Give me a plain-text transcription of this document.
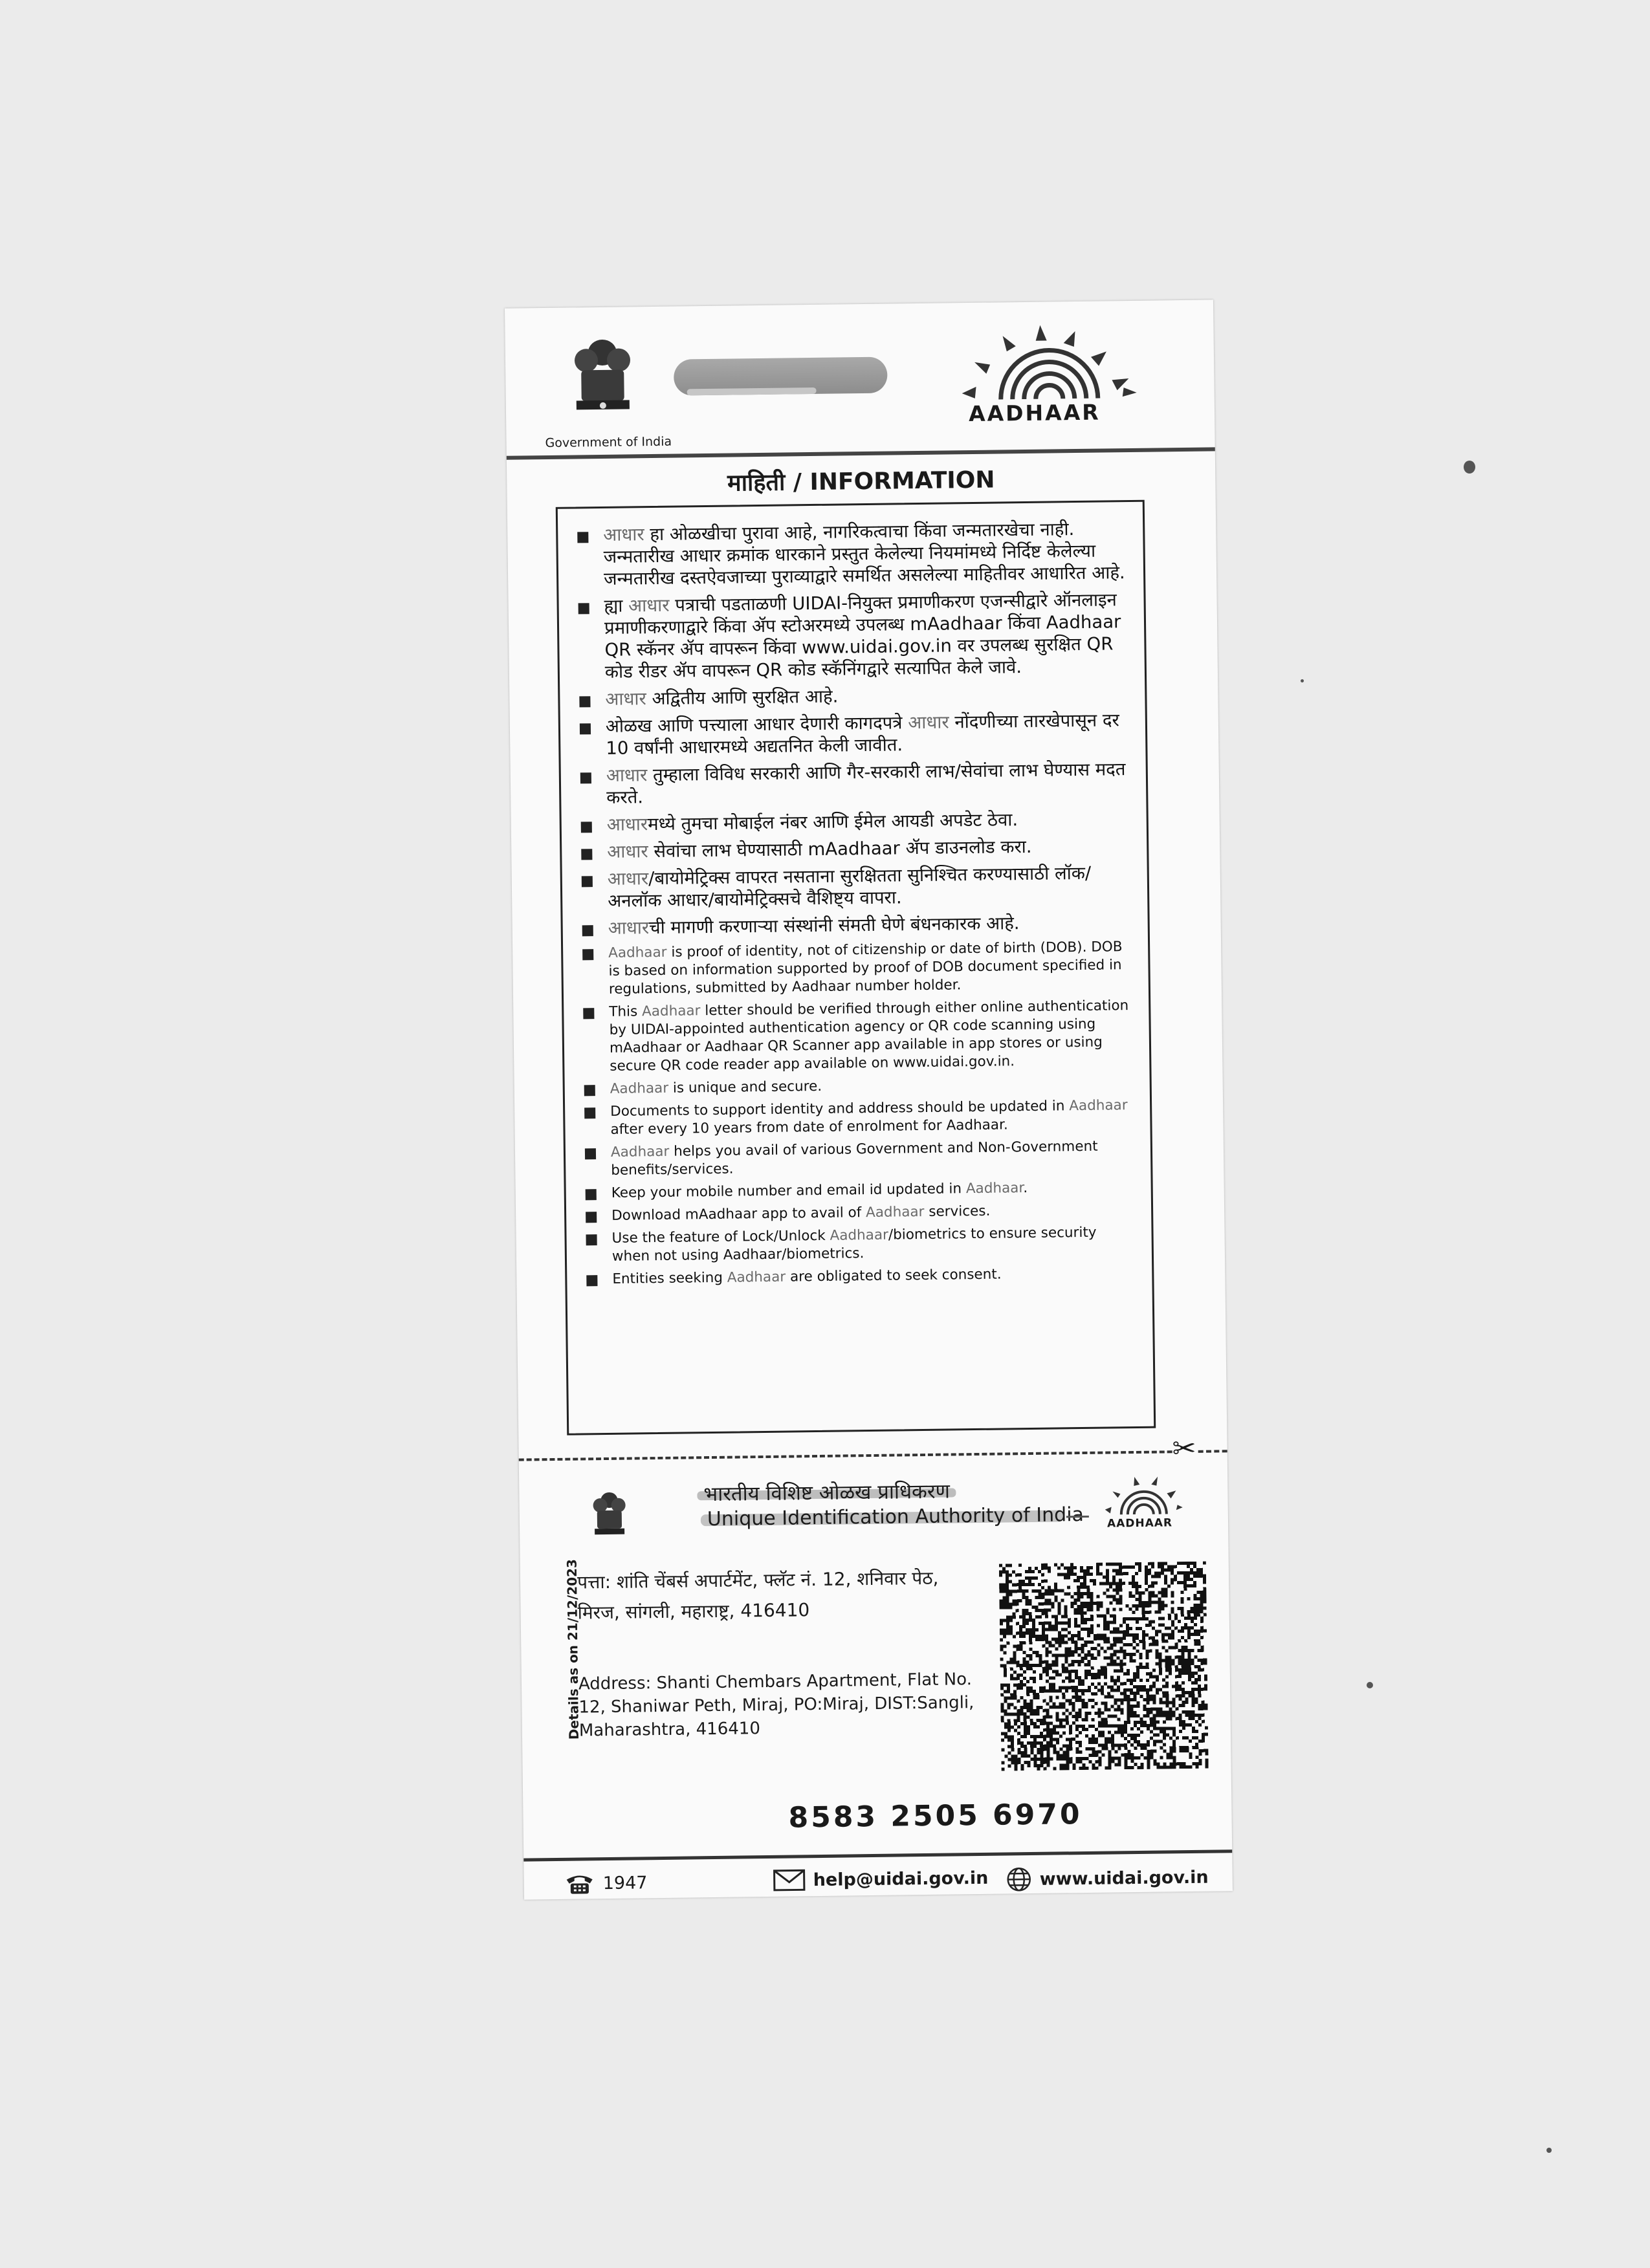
Government of India
AADHAAR
माहिती / INFORMATION
आधार हा ओळखीचा पुरावा आहे, नागरिकत्वाचा किंवा जन्मतारखेचा नाही. जन्मतारीख आधार क्रमांक धारकाने प्रस्तुत केलेल्या नियमांमध्ये निर्दिष्ट केलेल्या जन्मतारीख दस्तऐवजाच्या पुराव्याद्वारे समर्थित असलेल्या माहितीवर आधारित आहे.
ह्या आधार पत्राची पडताळणी UIDAI-नियुक्त प्रमाणीकरण एजन्सीद्वारे ऑनलाइन प्रमाणीकरणाद्वारे किंवा ॲप स्टोअरमध्ये उपलब्ध mAadhaar किंवा Aadhaar QR स्कॅनर ॲप वापरून किंवा www.uidai.gov.in वर उपलब्ध सुरक्षित QR कोड रीडर ॲप वापरून QR कोड स्कॅनिंगद्वारे सत्यापित केले जावे.
आधार अद्वितीय आणि सुरक्षित आहे.
ओळख आणि पत्त्याला आधार देणारी कागदपत्रे आधार नोंदणीच्या तारखेपासून दर 10 वर्षांनी आधारमध्ये अद्यतनित केली जावीत.
आधार तुम्हाला विविध सरकारी आणि गैर-सरकारी लाभ/सेवांचा लाभ घेण्यास मदत करते.
आधारमध्ये तुमचा मोबाईल नंबर आणि ईमेल आयडी अपडेट ठेवा.
आधार सेवांचा लाभ घेण्यासाठी mAadhaar ॲप डाउनलोड करा.
आधार/बायोमेट्रिक्स वापरत नसताना सुरक्षितता सुनिश्चित करण्यासाठी लॉक/अनलॉक आधार/बायोमेट्रिक्सचे वैशिष्ट्य वापरा.
आधारची मागणी करणाऱ्या संस्थांनी संमती घेणे बंधनकारक आहे.
Aadhaar is proof of identity, not of citizenship or date of birth (DOB). DOB is based on information supported by proof of DOB document specified in regulations, submitted by Aadhaar number holder.
This Aadhaar letter should be verified through either online authentication by UIDAI-appointed authentication agency or QR code scanning using mAadhaar or Aadhaar QR Scanner app available in app stores or using secure QR code reader app available on www.uidai.gov.in.
Aadhaar is unique and secure.
Documents to support identity and address should be updated in Aadhaar after every 10 years from date of enrolment for Aadhaar.
Aadhaar helps you avail of various Government and Non-Government benefits/services.
Keep your mobile number and email id updated in Aadhaar.
Download mAadhaar app to avail of Aadhaar services.
Use the feature of Lock/Unlock Aadhaar/biometrics to ensure security when not using Aadhaar/biometrics.
Entities seeking Aadhaar are obligated to seek consent.
✂
भारतीय विशिष्ट ओळख प्राधिकरण
Unique Identification Authority of India AADHAAR
Details as on 21/12/2023
पत्ता: शांति चेंबर्स अपार्टमेंट, फ्लॅट नं. 12, शनिवार पेठ, मिरज, सांगली, महाराष्ट्र, 416410
Address: Shanti Chembars Apartment, Flat No. 12, Shaniwar Peth, Miraj, PO:Miraj, DIST:Sangli, Maharashtra, 416410
8583 2505 6970
1947	help@uidai.gov.in	www.uidai.gov.in
